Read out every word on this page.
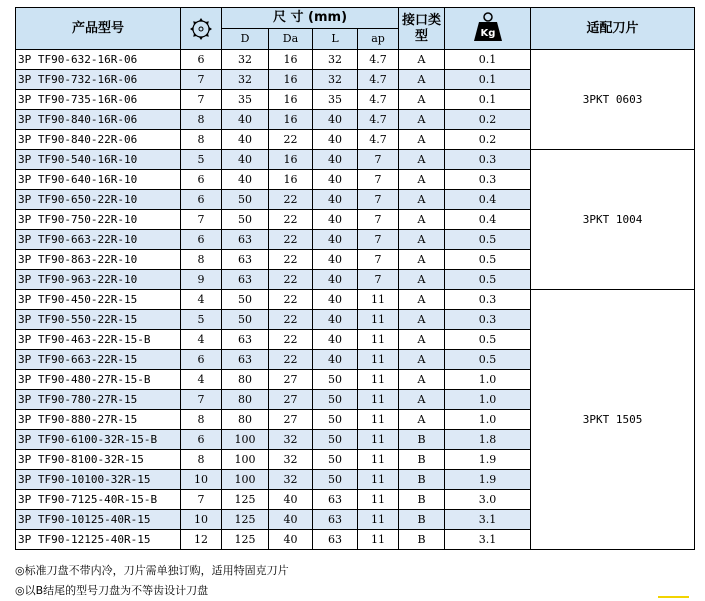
产品型号		尺 寸 (mm)				接口类型	Kg	适配刀片
		D	Da	L	ap			
3P TF90-632-16R-06	6	32	16	32	4.7	A	0.1	3PKT 0603
3P TF90-732-16R-06	7	32	16	32	4.7	A	0.1	
3P TF90-735-16R-06	7	35	16	35	4.7	A	0.1	
3P TF90-840-16R-06	8	40	16	40	4.7	A	0.2	
3P TF90-840-22R-06	8	40	22	40	4.7	A	0.2	
3P TF90-540-16R-10	5	40	16	40	7	A	0.3	3PKT 1004
3P TF90-640-16R-10	6	40	16	40	7	A	0.3	
3P TF90-650-22R-10	6	50	22	40	7	A	0.4	
3P TF90-750-22R-10	7	50	22	40	7	A	0.4	
3P TF90-663-22R-10	6	63	22	40	7	A	0.5	
3P TF90-863-22R-10	8	63	22	40	7	A	0.5	
3P TF90-963-22R-10	9	63	22	40	7	A	0.5	
3P TF90-450-22R-15	4	50	22	40	11	A	0.3	3PKT 1505
3P TF90-550-22R-15	5	50	22	40	11	A	0.3	
3P TF90-463-22R-15-B	4	63	22	40	11	A	0.5	
3P TF90-663-22R-15	6	63	22	40	11	A	0.5	
3P TF90-480-27R-15-B	4	80	27	50	11	A	1.0	
3P TF90-780-27R-15	7	80	27	50	11	A	1.0	
3P TF90-880-27R-15	8	80	27	50	11	A	1.0	
3P TF90-6100-32R-15-B	6	100	32	50	11	B	1.8	
3P TF90-8100-32R-15	8	100	32	50	11	B	1.9	
3P TF90-10100-32R-15	10	100	32	50	11	B	1.9	
3P TF90-7125-40R-15-B	7	125	40	63	11	B	3.0	
3P TF90-10125-40R-15	10	125	40	63	11	B	3.1	
3P TF90-12125-40R-15	12	125	40	63	11	B	3.1	
◎标准刀盘不带内冷，刀片需单独订购，适用特固克刀片
◎以B结尾的型号刀盘为不等齿设计刀盘
